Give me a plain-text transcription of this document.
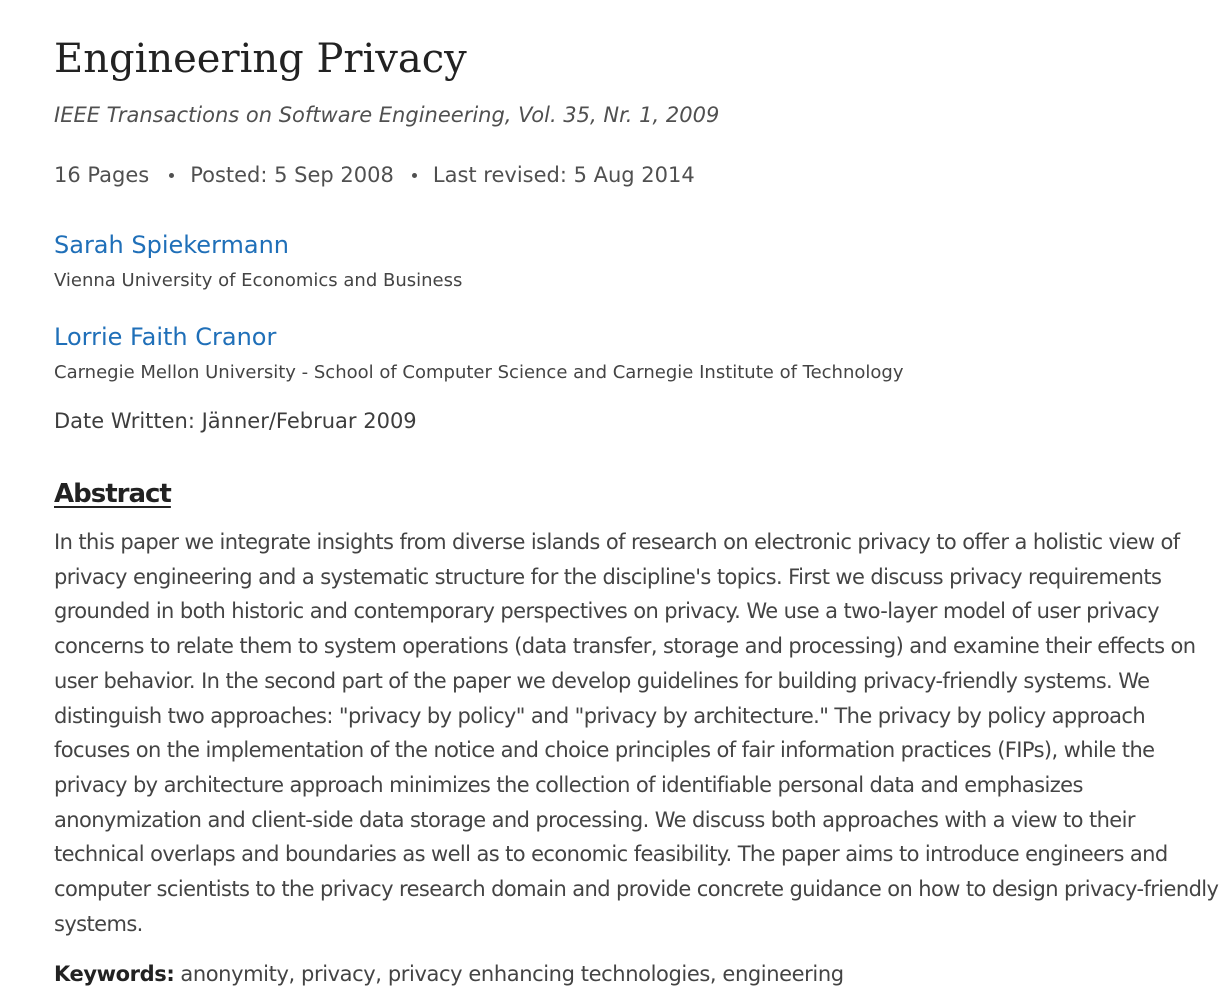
Engineering Privacy
IEEE Transactions on Software Engineering, Vol. 35, Nr. 1, 2009
16 Pages Posted: 5 Sep 2008 Last revised: 5 Aug 2014
Sarah Spiekermann
Vienna University of Economics and Business
Lorrie Faith Cranor
Carnegie Mellon University - School of Computer Science and Carnegie Institute of Technology
Date Written: Jänner/Februar 2009
Abstract

In this paper we integrate insights from diverse islands of research on electronic privacy to offer a holistic view of privacy engineering and a systematic structure for the discipline's topics. First we discuss privacy requirements grounded in both historic and contemporary perspectives on privacy. We use a two-layer model of user privacy concerns to relate them to system operations (data transfer, storage and processing) and examine their effects on user behavior. In the second part of the paper we develop guidelines for building privacy-friendly systems. We distinguish two approaches: "privacy by policy" and "privacy by architecture." The privacy by policy approach focuses on the implementation of the notice and choice principles of fair information practices (FIPs), while the privacy by architecture approach minimizes the collection of identifiable personal data and emphasizes anonymization and client-side data storage and processing. We discuss both approaches with a view to their technical overlaps and boundaries as well as to economic feasibility. The paper aims to introduce engineers and computer scientists to the privacy research domain and provide concrete guidance on how to design privacy-friendly systems.

Keywords: anonymity, privacy, privacy enhancing technologies, engineering
